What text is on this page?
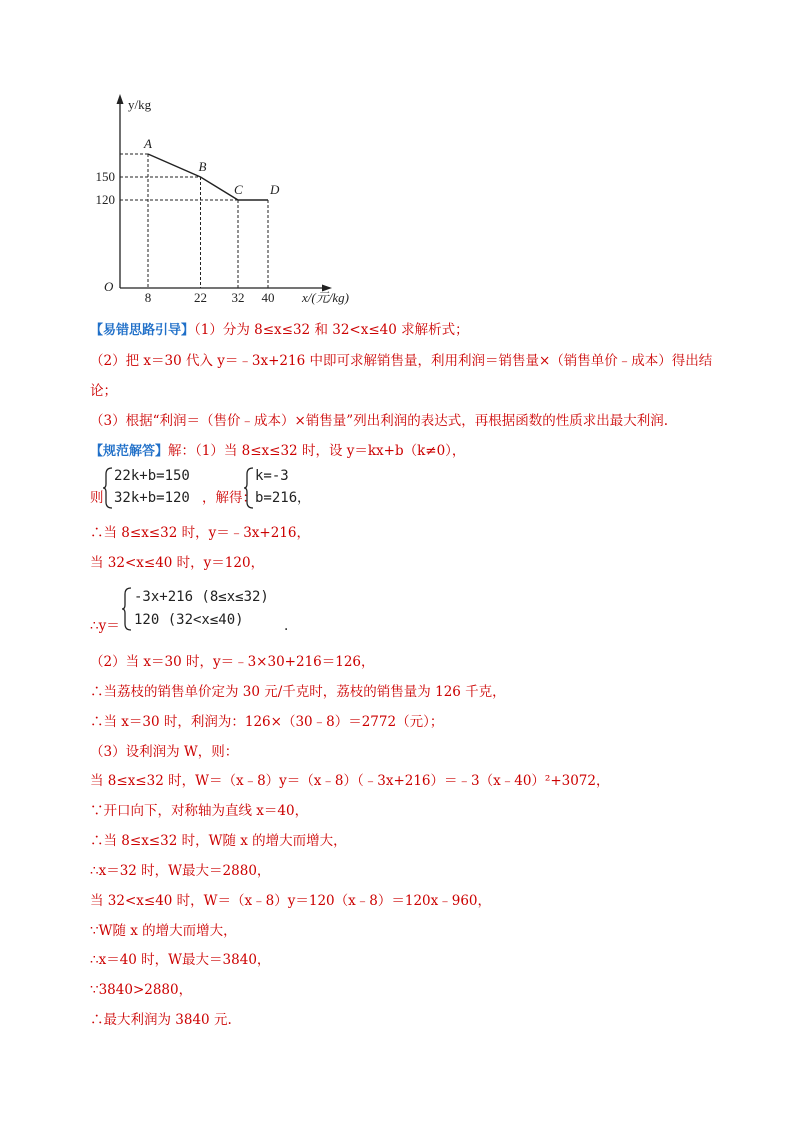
y/kg
x/(元/kg)
O
A
B
C D
8	22 32 40
150
120
【易错思路引导】（1）分为 8≤x≤32 和 32<x≤40 求解析式；
（2）把 x＝30 代入 y＝﹣3x+216 中即可求解销售量，利用利润＝销售量×（销售单价﹣成本）得出结
论；
（3）根据“利润＝（售价﹣成本）×销售量”列出利润的表达式，再根据函数的性质求出最大利润.
【规范解答】解：（1）当 8≤x≤32 时，设 y＝kx+b（k≠0），
则
22k+b=150
32k+b=120 ，解得：
k=-3
b=216 ，
∴当 8≤x≤32 时，y＝﹣3x+216，
当 32<x≤40 时，y＝120，
∴y＝
-3x+216 (8≤x≤32)
120 (32<x≤40)	.
（2）当 x＝30 时，y＝﹣3×30+216＝126，
∴当荔枝的销售单价定为 30 元/千克时，荔枝的销售量为 126 千克，
∴当 x＝30 时，利润为：126×（30﹣8）＝2772（元）；
（3）设利润为 W，则：
当 8≤x≤32 时，W＝（x﹣8）y＝（x﹣8）（﹣3x+216）＝﹣3（x﹣40）²+3072，
∵开口向下，对称轴为直线 x＝40，
∴当 8≤x≤32 时，W随 x 的增大而增大，
∴x＝32 时，W最大＝2880，
当 32<x≤40 时，W＝（x﹣8）y＝120（x﹣8）＝120x﹣960，
∵W随 x 的增大而增大，
∴x＝40 时，W最大＝3840，
∵3840>2880，
∴最大利润为 3840 元.
